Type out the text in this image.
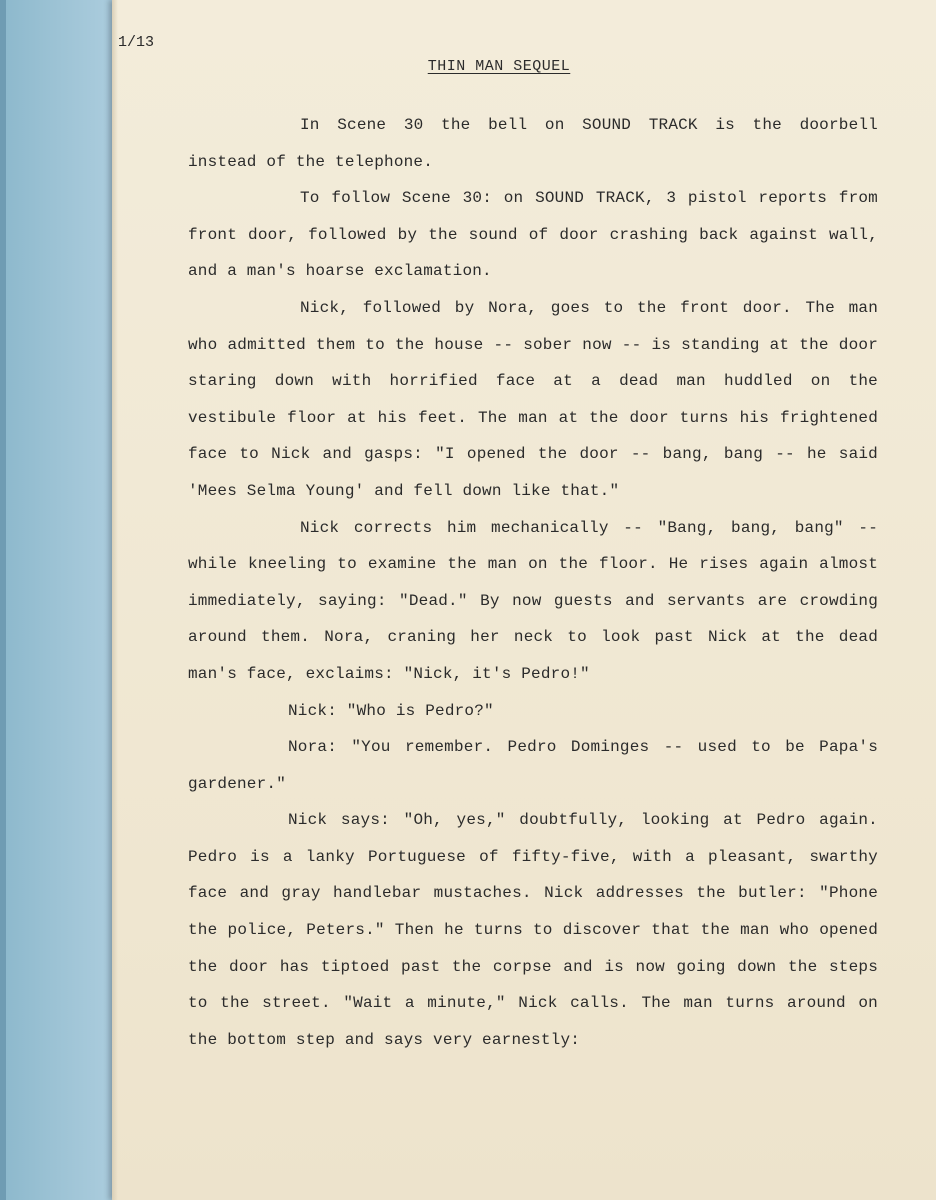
1/13

THIN MAN SEQUEL

In Scene 30 the bell on SOUND TRACK is the doorbell instead of the telephone.

To follow Scene 30: on SOUND TRACK, 3 pistol reports from front door, followed by the sound of door crashing back against wall, and a man's hoarse exclamation.

Nick, followed by Nora, goes to the front door. The man who admitted them to the house -- sober now -- is standing at the door staring down with horrified face at a dead man huddled on the vestibule floor at his feet. The man at the door turns his frightened face to Nick and gasps: "I opened the door -- bang, bang -- he said 'Mees Selma Young' and fell down like that."

Nick corrects him mechanically -- "Bang, bang, bang" -- while kneeling to examine the man on the floor. He rises again almost immediately, saying: "Dead." By now guests and servants are crowding around them. Nora, craning her neck to look past Nick at the dead man's face, exclaims: "Nick, it's Pedro!"

Nick: "Who is Pedro?"

Nora: "You remember. Pedro Dominges -- used to be Papa's gardener."

Nick says: "Oh, yes," doubtfully, looking at Pedro again. Pedro is a lanky Portuguese of fifty-five, with a pleasant, swarthy face and gray handlebar mustaches. Nick addresses the butler: "Phone the police, Peters." Then he turns to discover that the man who opened the door has tiptoed past the corpse and is now going down the steps to the street. "Wait a minute," Nick calls. The man turns around on the bottom step and says very earnestly:
